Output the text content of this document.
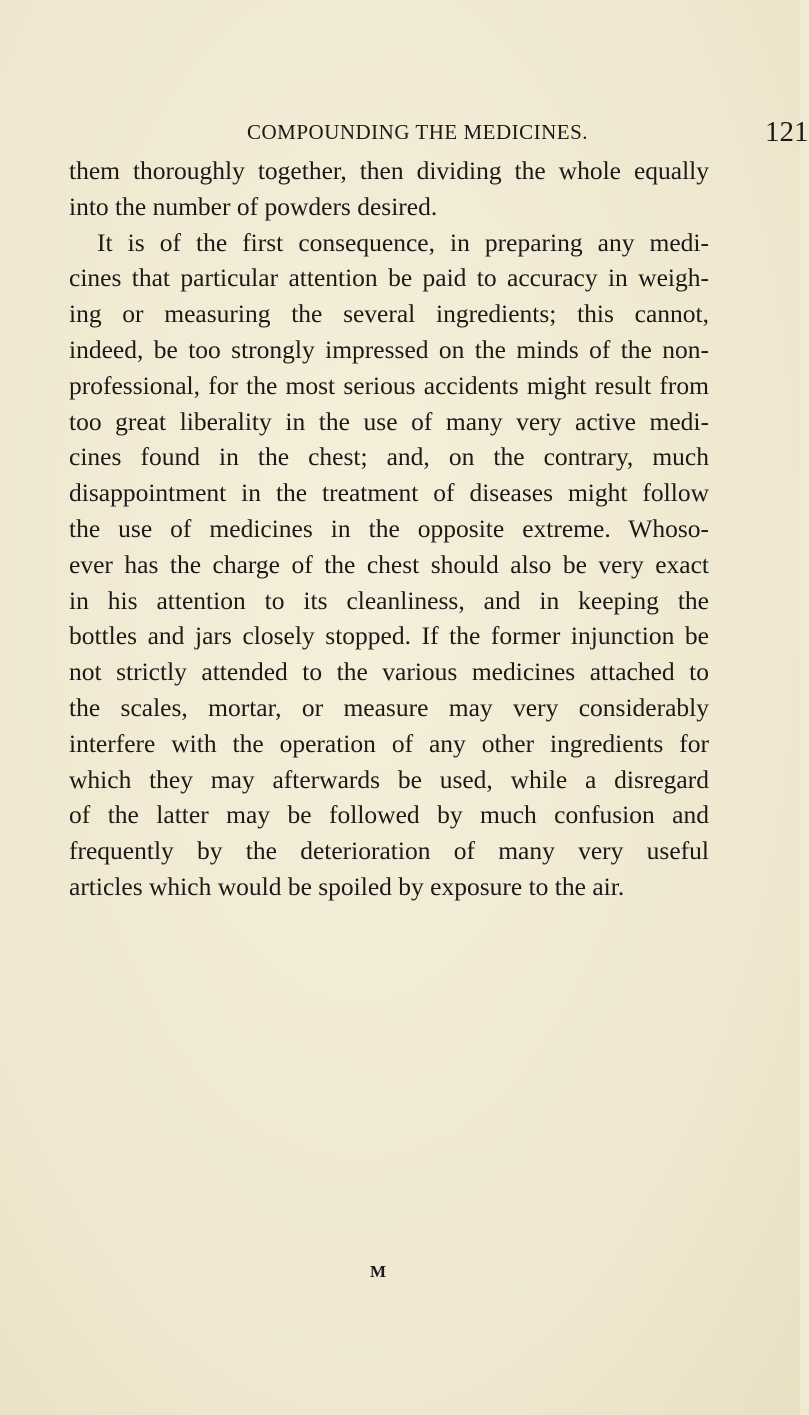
COMPOUNDING THE MEDICINES.	121
them thoroughly together, then dividing the whole equally
into the number of powders desired.
It is of the first consequence, in preparing any medi-
cines that particular attention be paid to accuracy in weigh-
ing or measuring the several ingredients; this cannot,
indeed, be too strongly impressed on the minds of the non-
professional, for the most serious accidents might result from
too great liberality in the use of many very active medi-
cines found in the chest; and, on the contrary, much
disappointment in the treatment of diseases might follow
the use of medicines in the opposite extreme. Whoso-
ever has the charge of the chest should also be very exact
in his attention to its cleanliness, and in keeping the
bottles and jars closely stopped. If the former injunction be
not strictly attended to the various medicines attached to
the scales, mortar, or measure may very considerably
interfere with the operation of any other ingredients for
which they may afterwards be used, while a disregard
of the latter may be followed by much confusion and
frequently by the deterioration of many very useful
articles which would be spoiled by exposure to the air.
M
